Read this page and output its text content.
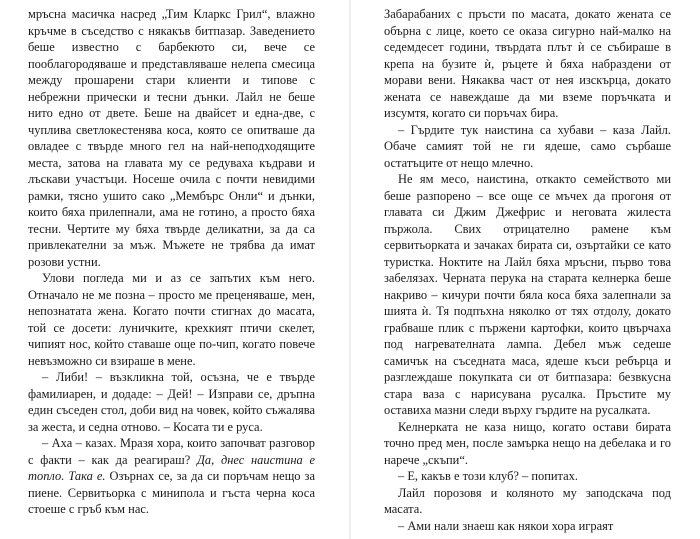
мръсна масичка насред „Тим Кларкс Грил“, влажно кръчме в съседство с някакъв битпазар. Заведението беше известно с барбекюто си, вече се пооблагородяваше и представляваше нелепа смесица между прошарени стари клиенти и типове с небрежни прически и тесни дънки. Лайл не беше нито едно от двете. Беше на двайсет и една-две, с чуплива светлокестенява коса, която се опитваше да овладее с твърде много гел на най-неподходящите места, затова на главата му се редуваха къдрави и лъскави участъци. Носеше очила с почти невидими рамки, тясно ушито сако „Мембърс Онли“ и дънки, които бяха прилепнали, ама не готино, а просто бяха тесни. Чертите му бяха твърде деликатни, за да са привлекателни за мъж. Мъжете не трябва да имат розови устни.

Улови погледа ми и аз се запътих към него. Отначало не ме позна – просто ме преценяваше, мен, непознатата жена. Когато почти стигнах до масата, той се досети: луничките, крехкият птичи скелет, чипият нос, който ставаше още по-чип, когато повече невъзможно си взираше в мене.

– Либи! – възкликна той, осъзна, че е твърде фамилиарен, и додаде: – Дей! – Изправи се, дръпна един съседен стол, доби вид на човек, който съжалява за жеста, и седна отново. – Косата ти е руса.

– Аха – казах. Мразя хора, които започват разговор с факти – как да реагираш? Да, днес наистина е топло. Така е. Озърнах се, за да си поръчам нещо за пиене. Сервитьорка с минипола и гъста черна коса стоеше с гръб към нас.

Забарабаних с пръсти по масата, докато жената се обърна с лице, което се оказа сигурно най-малко на седемдесет години, твърдата плът ѝ се събираше в крепа на бузите ѝ, ръцете ѝ бяха набраздени от морави вени. Някаква част от нея изскърца, докато жената се навеждаше да ми вземе поръчката и изсумтя, когато си поръчах бира.

– Гърдите тук наистина са хубави – каза Лайл. Обаче самият той не ги ядеше, само сърбаше остатъците от нещо млечно.

Не ям месо, наистина, откакто семейството ми беше разпорено – все още се мъчех да прогоня от главата си Джим Джефрис и неговата жилеста пържола. Свих отрицателно рамене към сервитьорката и зачаках бирата си, озъртайки се като туристка. Ноктите на Лайл бяха мръсни, първо това забелязах. Черната перука на старата келнерка беше накриво – кичури почти бяла коса бяха залепнали за шията ѝ. Тя подпъхна няколко от тях отдолу, докато грабваше плик с пържени картофки, които цвърчаха под нагревателната лампа. Дебел мъж седеше самичък на съседната маса, ядеше къси ребърца и разглеждаше покупката си от битпазара: безвкусна стара ваза с нарисувана русалка. Пръстите му оставиха мазни следи върху гърдите на русалката.

Келнерката не каза нищо, когато остави бирата точно пред мен, после замърка нещо на дебелака и го нарече „скъпи“.

– Е, какъв е този клуб? – попитах.

Лайл порозовя и коляното му заподскача под масата.

– Ами нали знаеш как някои хора играят
